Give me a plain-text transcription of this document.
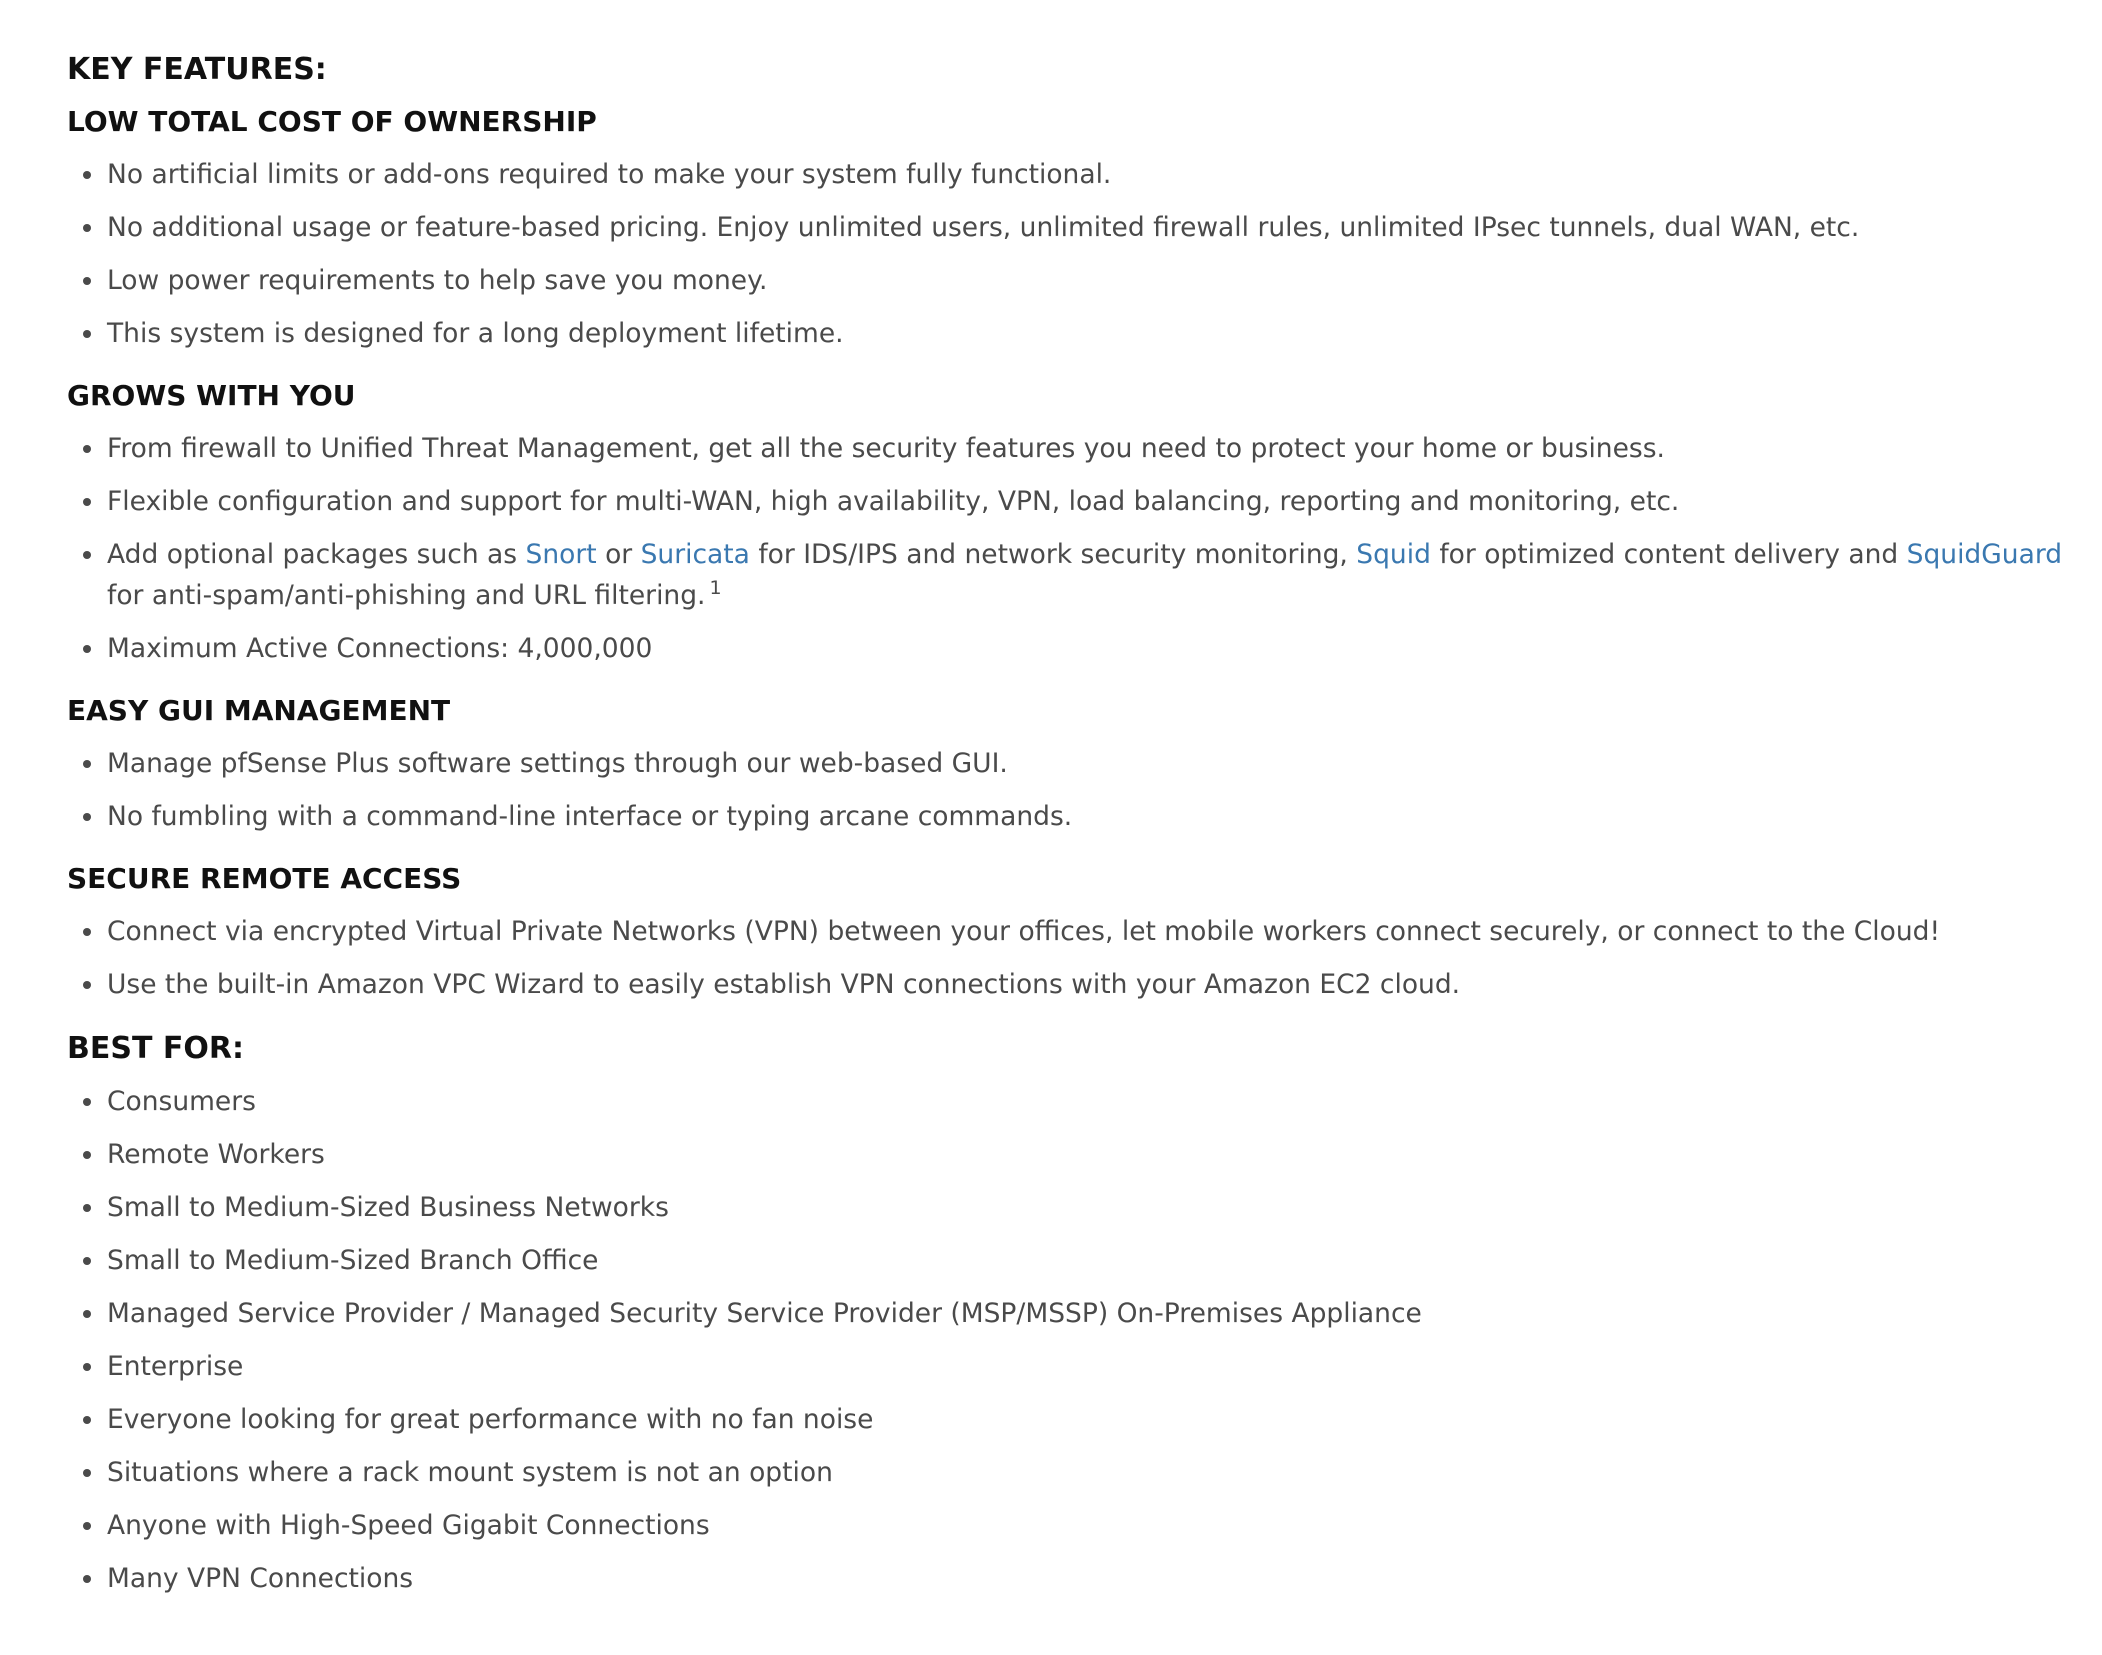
KEY FEATURES:
LOW TOTAL COST OF OWNERSHIP
No artificial limits or add-ons required to make your system fully functional.
No additional usage or feature-based pricing. Enjoy unlimited users, unlimited firewall rules, unlimited IPsec tunnels, dual WAN, etc.
Low power requirements to help save you money.
This system is designed for a long deployment lifetime.
GROWS WITH YOU
From firewall to Unified Threat Management, get all the security features you need to protect your home or business.
Flexible configuration and support for multi-WAN, high availability, VPN, load balancing, reporting and monitoring, etc.
Add optional packages such as Snort or Suricata for IDS/IPS and network security monitoring, Squid for optimized content delivery and SquidGuard for anti-spam/anti-phishing and URL filtering. $^1$
Maximum Active Connections: 4,000,000
EASY GUI MANAGEMENT
Manage pfSense Plus software settings through our web-based GUI.
No fumbling with a command-line interface or typing arcane commands.
SECURE REMOTE ACCESS
Connect via encrypted Virtual Private Networks (VPN) between your offices, let mobile workers connect securely, or connect to the Cloud!
Use the built-in Amazon VPC Wizard to easily establish VPN connections with your Amazon EC2 cloud.
BEST FOR:
Consumers
Remote Workers
Small to Medium-Sized Business Networks
Small to Medium-Sized Branch Office
Managed Service Provider / Managed Security Service Provider (MSP/MSSP) On-Premises Appliance
Enterprise
Everyone looking for great performance with no fan noise
Situations where a rack mount system is not an option
Anyone with High-Speed Gigabit Connections
Many VPN Connections
